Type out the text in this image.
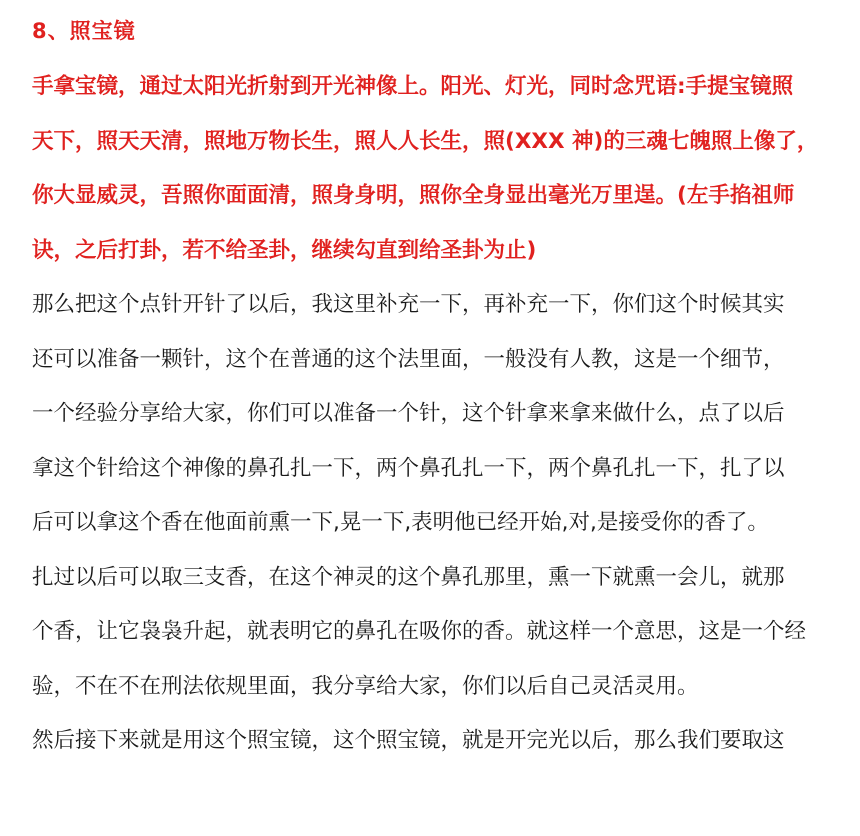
8、照宝镜
手拿宝镜，通过太阳光折射到开光神像上。阳光、灯光，同时念咒语:手提宝镜照
天下，照天天清，照地万物长生，照人人长生，照(XXX 神)的三魂七魄照上像了，
你大显威灵，吾照你面面清，照身身明，照你全身显出毫光万里逞。(左手掐祖师
诀，之后打卦，若不给圣卦，继续勾直到给圣卦为止)
那么把这个点针开针了以后，我这里补充一下，再补充一下，你们这个时候其实
还可以准备一颗针，这个在普通的这个法里面，一般没有人教，这是一个细节，
一个经验分享给大家，你们可以准备一个针，这个针拿来拿来做什么，点了以后
拿这个针给这个神像的鼻孔扎一下，两个鼻孔扎一下，两个鼻孔扎一下，扎了以
后可以拿这个香在他面前熏一下,晃一下,表明他已经开始,对,是接受你的香了。
扎过以后可以取三支香，在这个神灵的这个鼻孔那里，熏一下就熏一会儿，就那
个香，让它袅袅升起，就表明它的鼻孔在吸你的香。就这样一个意思，这是一个经
验，不在不在刑法依规里面，我分享给大家，你们以后自己灵活灵用。
然后接下来就是用这个照宝镜，这个照宝镜，就是开完光以后，那么我们要取这
